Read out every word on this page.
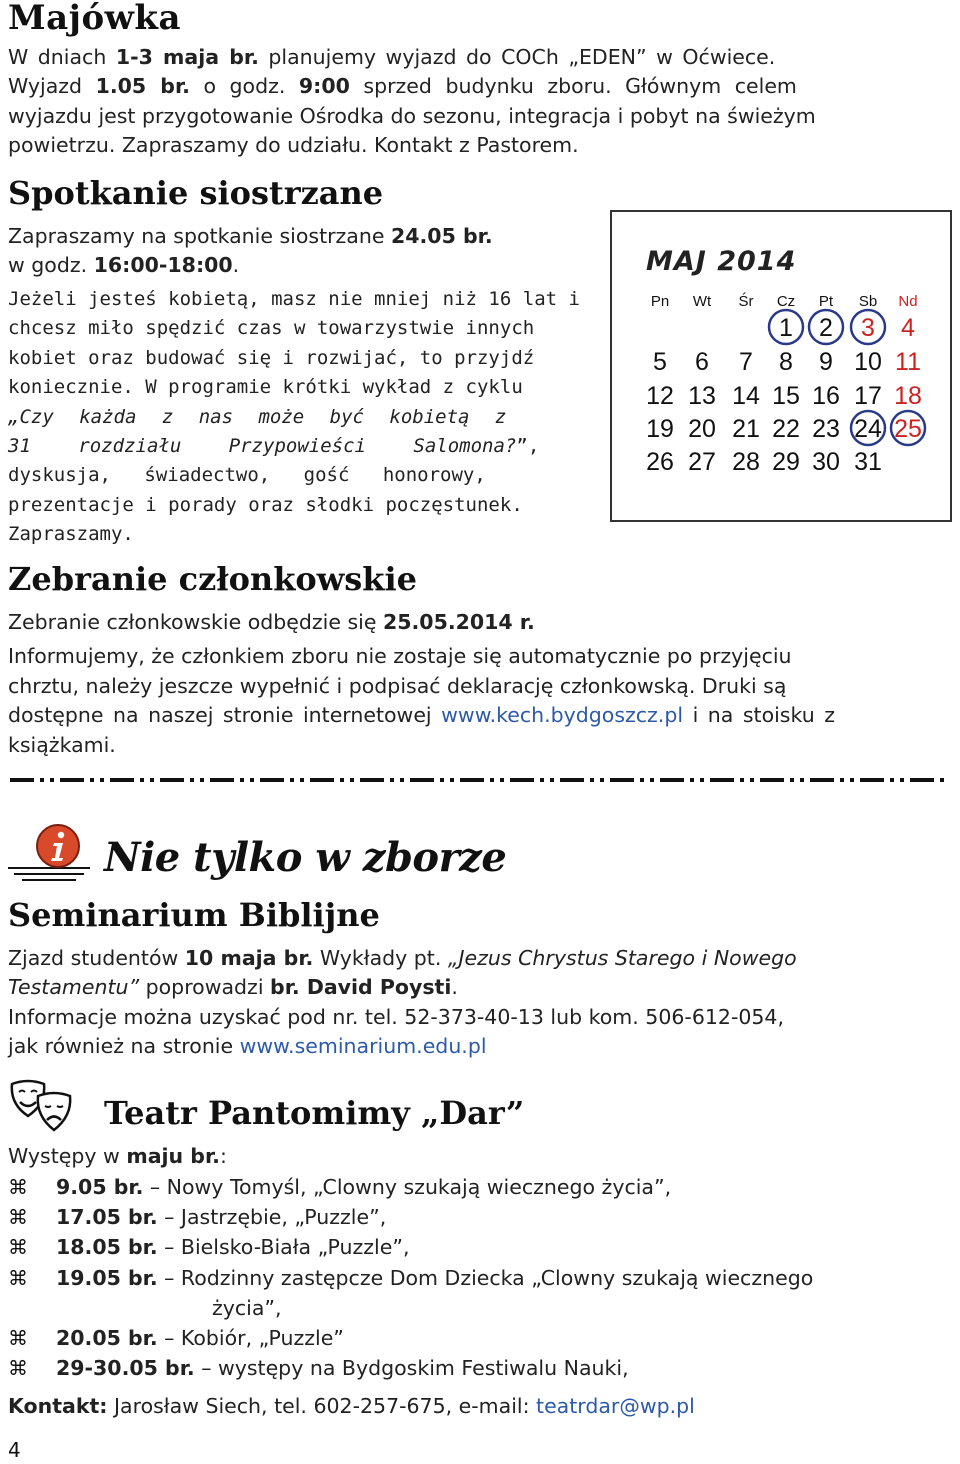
Majówka
W dniach 1-3 maja br. planujemy wyjazd do COCh „EDEN” w Oćwiece.
Wyjazd 1.05 br. o godz. 9:00 sprzed budynku zboru. Głównym celem
wyjazdu jest przygotowanie Ośrodka do sezonu, integracja i pobyt na świeżym
powietrzu. Zapraszamy do udziału. Kontakt z Pastorem.
Spotkanie siostrzane
Zapraszamy na spotkanie siostrzane 24.05 br.
w godz. 16:00-18:00.
Jeżeli jesteś kobietą, masz nie mniej niż 16 lat i
chcesz miło spędzić czas w towarzystwie innych
kobiet oraz budować się i rozwijać, to przyjdź
koniecznie. W programie krótki wykład z cyklu
„Czy każda z nas może być kobietą z
31 rozdziału Przypowieści Salomona?”,
dyskusja, świadectwo, gość honorowy,
prezentacje i porady oraz słodki poczęstunek.
Zapraszamy.
MAJ 2014
Pn Wt Śr Cz Pt Sb Nd
1 2 3 4
5 6 7 8 9 10 11
12 13 14 15 16 17 18
19 20 21 22 23 24 25
26 27 28 29 30 31
Zebranie członkowskie
Zebranie członkowskie odbędzie się 25.05.2014 r.
Informujemy, że członkiem zboru nie zostaje się automatycznie po przyjęciu
chrztu, należy jeszcze wypełnić i podpisać deklarację członkowską. Druki są
dostępne na naszej stronie internetowej www.kech.bydgoszcz.pl i na stoisku z
książkami.
Nie tylko w zborze
Seminarium Biblijne
Zjazd studentów 10 maja br. Wykłady pt. „Jezus Chrystus Starego i Nowego
Testamentu” poprowadzi br. David Poysti.
Informacje można uzyskać pod nr. tel. 52-373-40-13 lub kom. 506-612-054,
jak również na stronie www.seminarium.edu.pl
Teatr Pantomimy „Dar”
Występy w maju br.:
⌘ 9.05 br. – Nowy Tomyśl, „Clowny szukają wiecznego życia”,
⌘ 17.05 br. – Jastrzębie, „Puzzle”,
⌘ 18.05 br. – Bielsko-Biała „Puzzle”,
⌘ 19.05 br. – Rodzinny zastępcze Dom Dziecka „Clowny szukają wiecznego
życia”,
⌘ 20.05 br. – Kobiór, „Puzzle”
⌘ 29-30.05 br. – występy na Bydgoskim Festiwalu Nauki,
Kontakt: Jarosław Siech, tel. 602-257-675, e-mail: teatrdar@wp.pl
4
